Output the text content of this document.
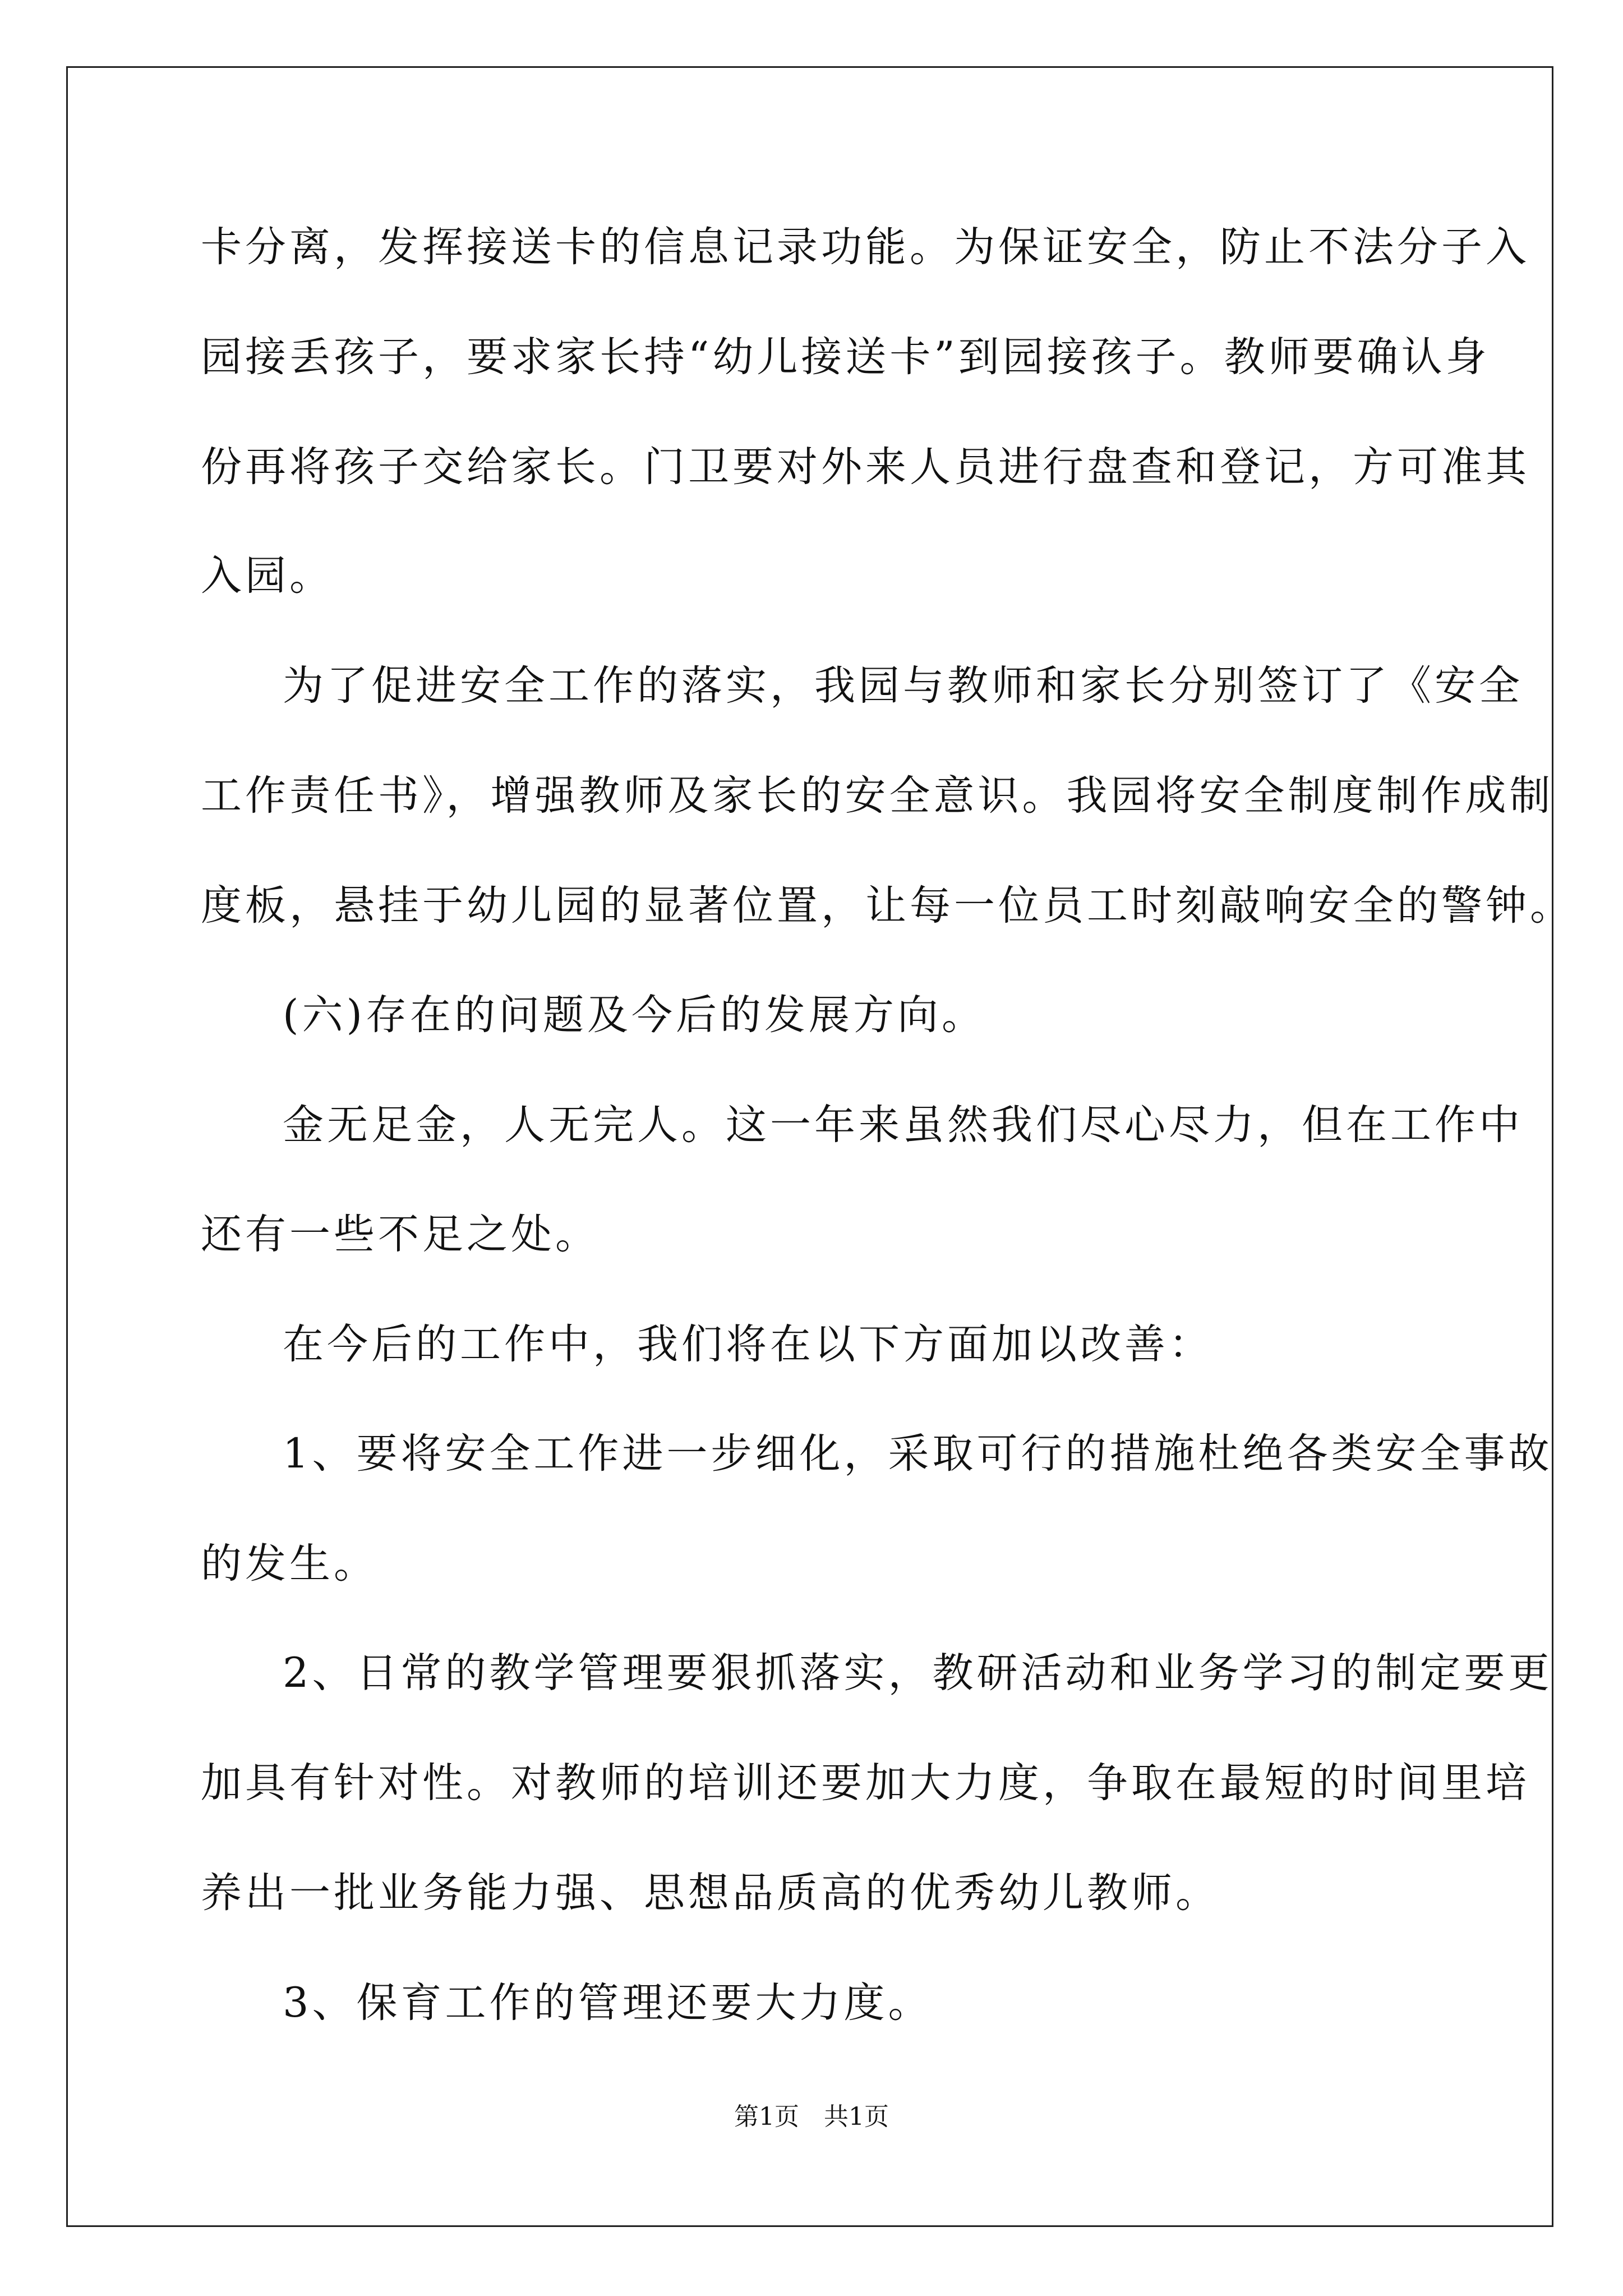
卡分离，发挥接送卡的信息记录功能。为保证安全，防止不法分子入
园接丢孩子，要求家长持“幼儿接送卡”到园接孩子。教师要确认身
份再将孩子交给家长。门卫要对外来人员进行盘查和登记，方可准其
入园。
为了促进安全工作的落实，我园与教师和家长分别签订了《安全
工作责任书》，增强教师及家长的安全意识。我园将安全制度制作成制
度板，悬挂于幼儿园的显著位置，让每一位员工时刻敲响安全的警钟。
(六)存在的问题及今后的发展方向。
金无足金，人无完人。这一年来虽然我们尽心尽力，但在工作中
还有一些不足之处。
在今后的工作中，我们将在以下方面加以改善：
1、要将安全工作进一步细化，采取可行的措施杜绝各类安全事故
的发生。
2、日常的教学管理要狠抓落实，教研活动和业务学习的制定要更
加具有针对性。对教师的培训还要加大力度，争取在最短的时间里培
养出一批业务能力强、思想品质高的优秀幼儿教师。
3、保育工作的管理还要大力度。
第1页　共1页
